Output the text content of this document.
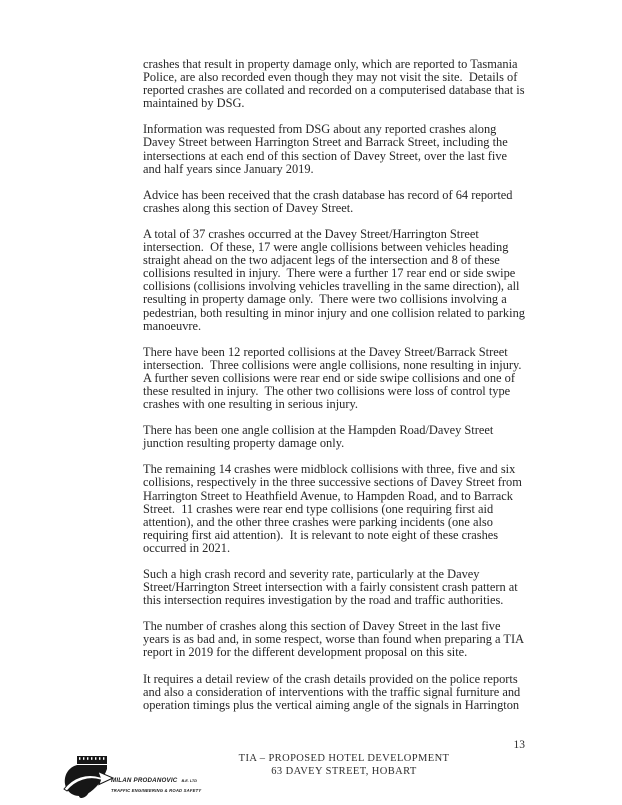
crashes that result in property damage only, which are reported to Tasmania Police, are also recorded even though they may not visit the site.  Details of reported crashes are collated and recorded on a computerised database that is maintained by DSG.

Information was requested from DSG about any reported crashes along Davey Street between Harrington Street and Barrack Street, including the intersections at each end of this section of Davey Street, over the last five and half years since January 2019.

Advice has been received that the crash database has record of 64 reported crashes along this section of Davey Street.

A total of 37 crashes occurred at the Davey Street/Harrington Street intersection.  Of these, 17 were angle collisions between vehicles heading straight ahead on the two adjacent legs of the intersection and 8 of these collisions resulted in injury.  There were a further 17 rear end or side swipe collisions (collisions involving vehicles travelling in the same direction), all resulting in property damage only.  There were two collisions involving a pedestrian, both resulting in minor injury and one collision related to parking manoeuvre.

There have been 12 reported collisions at the Davey Street/Barrack Street intersection.  Three collisions were angle collisions, none resulting in injury.  A further seven collisions were rear end or side swipe collisions and one of these resulted in injury.  The other two collisions were loss of control type crashes with one resulting in serious injury.

There has been one angle collision at the Hampden Road/Davey Street junction resulting property damage only.

The remaining 14 crashes were midblock collisions with three, five and six collisions, respectively in the three successive sections of Davey Street from Harrington Street to Heathfield Avenue, to Hampden Road, and to Barrack Street.  11 crashes were rear end type collisions (one requiring first aid attention), and the other three crashes were parking incidents (one also requiring first aid attention).  It is relevant to note eight of these crashes occurred in 2021.

Such a high crash record and severity rate, particularly at the Davey Street/Harrington Street intersection with a fairly consistent crash pattern at this intersection requires investigation by the road and traffic authorities.

The number of crashes along this section of Davey Street in the last five years is as bad and, in some respect, worse than found when preparing a TIA report in 2019 for the different development proposal on this site.

It requires a detail review of the crash details provided on the police reports and also a consideration of interventions with the traffic signal furniture and operation timings plus the vertical aiming angle of the signals in Harrington

13
TIA – PROPOSED HOTEL DEVELOPMENT
63 DAVEY STREET, HOBART
MILAN PRODANOVIC B.E. LTD
TRAFFIC ENGINEERING & ROAD SAFETY
